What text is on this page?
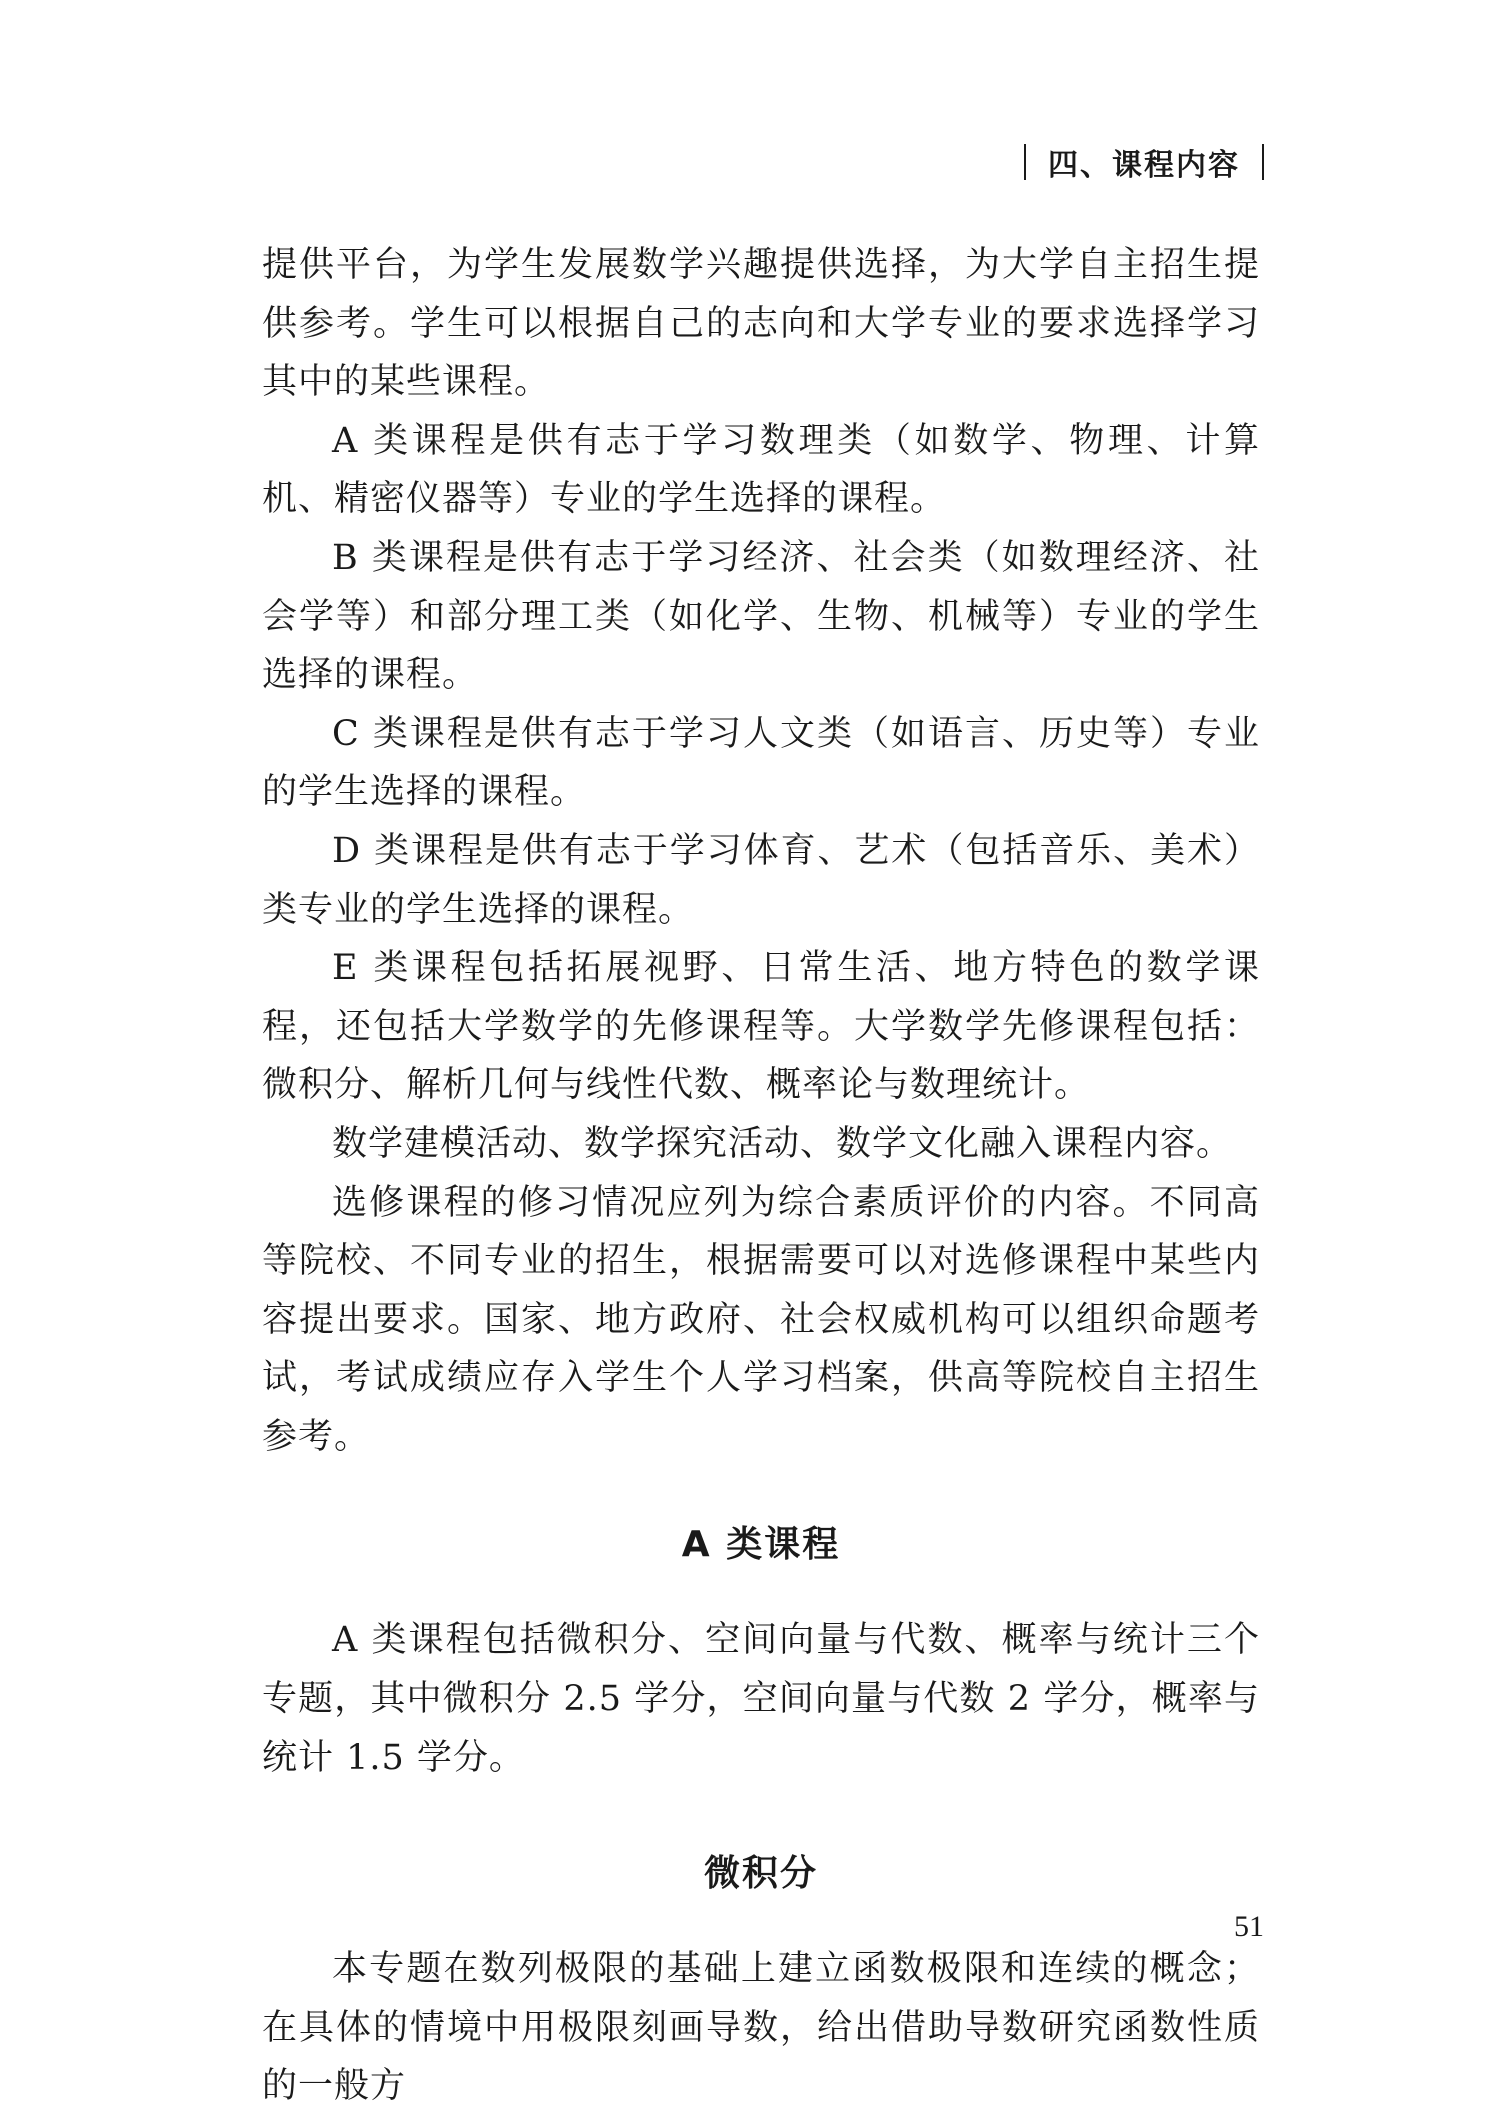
四、课程内容

提供平台，为学生发展数学兴趣提供选择，为大学自主招生提供参考。学生可以根据自己的志向和大学专业的要求选择学习其中的某些课程。

A 类课程是供有志于学习数理类（如数学、物理、计算机、精密仪器等）专业的学生选择的课程。

B 类课程是供有志于学习经济、社会类（如数理经济、社会学等）和部分理工类（如化学、生物、机械等）专业的学生选择的课程。

C 类课程是供有志于学习人文类（如语言、历史等）专业的学生选择的课程。

D 类课程是供有志于学习体育、艺术（包括音乐、美术）类专业的学生选择的课程。

E 类课程包括拓展视野、日常生活、地方特色的数学课程，还包括大学数学的先修课程等。大学数学先修课程包括：微积分、解析几何与线性代数、概率论与数理统计。

数学建模活动、数学探究活动、数学文化融入课程内容。

选修课程的修习情况应列为综合素质评价的内容。不同高等院校、不同专业的招生，根据需要可以对选修课程中某些内容提出要求。国家、地方政府、社会权威机构可以组织命题考试，考试成绩应存入学生个人学习档案，供高等院校自主招生参考。

A 类课程

A 类课程包括微积分、空间向量与代数、概率与统计三个专题，其中微积分 2.5 学分，空间向量与代数 2 学分，概率与统计 1.5 学分。

微积分

本专题在数列极限的基础上建立函数极限和连续的概念；在具体的情境中用极限刻画导数，给出借助导数研究函数性质的一般方

51
